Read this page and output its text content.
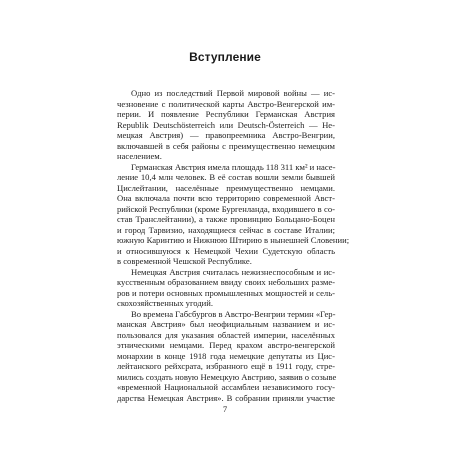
Вступление
Одно из последствий Первой мировой войны — ис-
чезновение с политической карты Австро-Венгерской им-
перии. И появление Республики Германская Австрия
Republik Deutschösterreich или Deutsch-Österreich — Не-
мецкая Австрия) — правопреемника Австро-Венгрии,
включавшей в себя районы с преимущественно немецким
населением.
Германская Австрия имела площадь 118 311 км² и насе-
ление 10,4 млн человек. В её состав вошли земли бывшей
Цислейтании, населённые преимущественно немцами.
Она включала почти всю территорию современной Авст-
рийской Республики (кроме Бургенланда, входившего в со-
став Транслейтании), а также провинцию Больцано-Боцен
и город Тарвизио, находящиеся сейчас в составе Италии;
южную Каринтию и Нижнюю Штирию в нынешней Словении;
и относившуюся к Немецкой Чехии Судетскую область
в современной Чешской Республике.
Немецкая Австрия считалась нежизнеспособным и ис-
кусственным образованием ввиду своих небольших разме-
ров и потери основных промышленных мощностей и сель-
скохозяйственных угодий.
Во времена Габсбургов в Австро-Венгрии термин «Гер-
манская Австрия» был неофициальным названием и ис-
пользовался для указания областей империи, населённых
этническими немцами. Перед крахом австро-венгерской
монархии в конце 1918 года немецкие депутаты из Цис-
лейтанского рейхсрата, избранного ещё в 1911 году, стре-
мились создать новую Немецкую Австрию, заявив о созыве
«временной Национальной ассамблеи независимого госу-
дарства Немецкая Австрия». В собрании приняли участие
7
